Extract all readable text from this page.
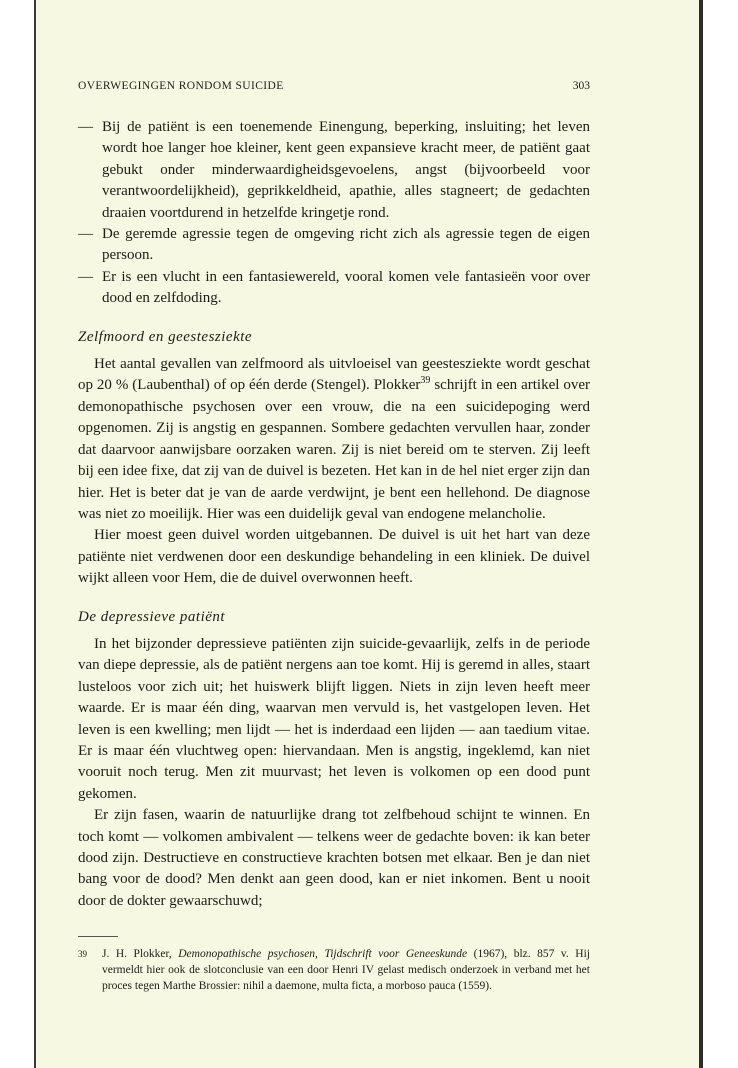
OVERWEGINGEN RONDOM SUICIDE	303
— Bij de patiënt is een toenemende Einengung, beperking, insluiting; het leven wordt hoe langer hoe kleiner, kent geen expansieve kracht meer, de patiënt gaat gebukt onder minderwaardigheidsgevoelens, angst (bijvoorbeeld voor verantwoordelijkheid), geprikkeldheid, apathie, alles stagneert; de gedachten draaien voortdurend in hetzelfde kringetje rond.
— De geremde agressie tegen de omgeving richt zich als agressie tegen de eigen persoon.
— Er is een vlucht in een fantasiewereld, vooral komen vele fantasieën voor over dood en zelfdoding.
Zelfmoord en geestesziekte

Het aantal gevallen van zelfmoord als uitvloeisel van geestesziekte wordt geschat op 20 % (Laubenthal) of op één derde (Stengel). Plokker$^{39}$ schrijft in een artikel over demonopathische psychosen over een vrouw, die na een suicidepoging werd opgenomen. Zij is angstig en gespannen. Sombere gedachten vervullen haar, zonder dat daarvoor aanwijsbare oorzaken waren. Zij is niet bereid om te sterven. Zij leeft bij een idee fixe, dat zij van de duivel is bezeten. Het kan in de hel niet erger zijn dan hier. Het is beter dat je van de aarde verdwijnt, je bent een hellehond. De diagnose was niet zo moeilijk. Hier was een duidelijk geval van endogene melancholie.

Hier moest geen duivel worden uitgebannen. De duivel is uit het hart van deze patiënte niet verdwenen door een deskundige behandeling in een kliniek. De duivel wijkt alleen voor Hem, die de duivel overwonnen heeft.

De depressieve patiënt

In het bijzonder depressieve patiënten zijn suicide-gevaarlijk, zelfs in de periode van diepe depressie, als de patiënt nergens aan toe komt. Hij is geremd in alles, staart lusteloos voor zich uit; het huiswerk blijft liggen. Niets in zijn leven heeft meer waarde. Er is maar één ding, waarvan men vervuld is, het vastgelopen leven. Het leven is een kwelling; men lijdt — het is inderdaad een lijden — aan taedium vitae. Er is maar één vluchtweg open: hiervandaan. Men is angstig, ingeklemd, kan niet vooruit noch terug. Men zit muurvast; het leven is volkomen op een dood punt gekomen.

Er zijn fasen, waarin de natuurlijke drang tot zelfbehoud schijnt te winnen. En toch komt — volkomen ambivalent — telkens weer de gedachte boven: ik kan beter dood zijn. Destructieve en constructieve krachten botsen met elkaar. Ben je dan niet bang voor de dood? Men denkt aan geen dood, kan er niet inkomen. Bent u nooit door de dokter gewaarschuwd;

39 J. H. Plokker, Demonopathische psychosen, Tijdschrift voor Geneeskunde (1967), blz. 857 v. Hij vermeldt hier ook de slotconclusie van een door Henri IV gelast medisch onderzoek in verband met het proces tegen Marthe Brossier: nihil a daemone, multa ficta, a morboso pauca (1559).
